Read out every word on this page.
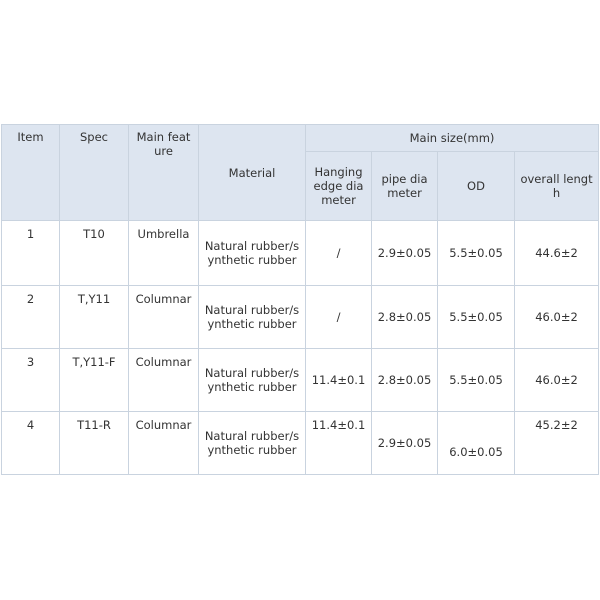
Item	Spec	Main feature	Material	Main size(mm)			
				Hanging edge diameter	pipe diameter	OD	overall length
1	T10	Umbrella	Natural rubber/synthetic rubber	/	2.9±0.05	5.5±0.05	44.6±2
2	T,Y11	Columnar	Natural rubber/synthetic rubber	/	2.8±0.05	5.5±0.05	46.0±2
3	T,Y11-F	Columnar	Natural rubber/synthetic rubber	11.4±0.1	2.8±0.05	5.5±0.05	46.0±2
4	T11-R	Columnar	Natural rubber/synthetic rubber	11.4±0.1	2.9±0.05	6.0±0.05	45.2±2
